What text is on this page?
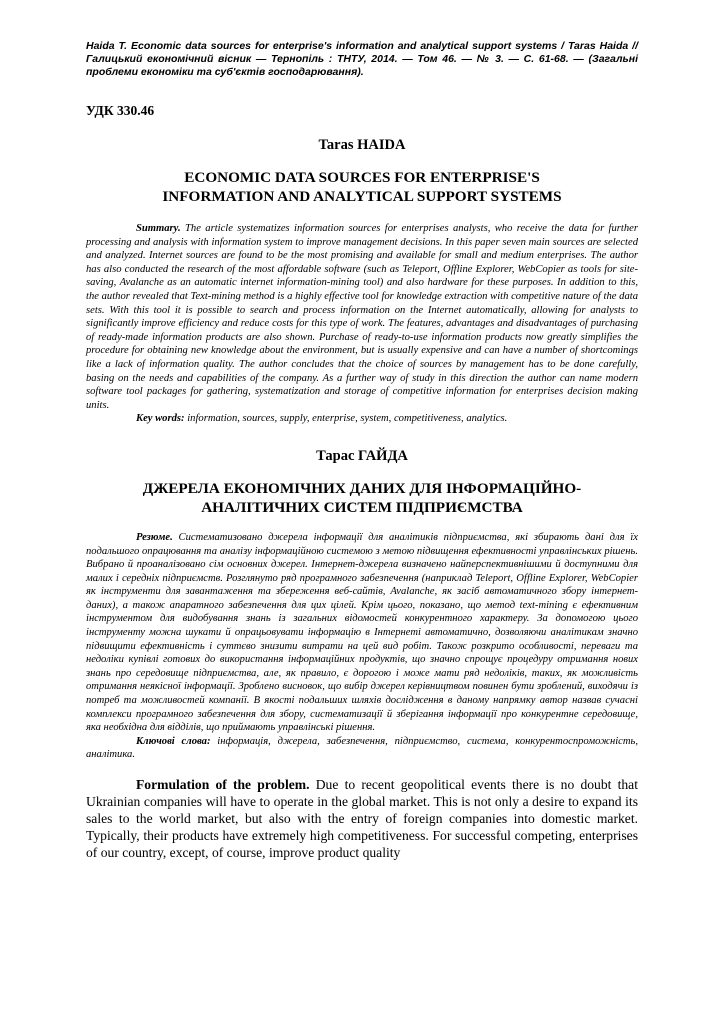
Haida T. Economic data sources for enterprise's information and analytical support systems / Taras Haida // Галицький економічний вісник — Тернопіль : ТНТУ, 2014. — Том 46. — № 3. — С. 61-68. — (Загальні проблеми економіки та суб'єктів господарювання).

УДК 330.46

Taras HAIDA

ECONOMIC DATA SOURCES FOR ENTERPRISE'S
INFORMATION AND ANALYTICAL SUPPORT SYSTEMS

Summary. The article systematizes information sources for enterprises analysts, who receive the data for further processing and analysis with information system to improve management decisions. In this paper seven main sources are selected and analyzed. Internet sources are found to be the most promising and available for small and medium enterprises. The author has also conducted the research of the most affordable software (such as Teleport, Offline Explorer, WebCopier as tools for site-saving, Avalanche as an automatic internet information-mining tool) and also hardware for these purposes. In addition to this, the author revealed that Text-mining method is a highly effective tool for knowledge extraction with competitive nature of the data sets. With this tool it is possible to search and process information on the Internet automatically, allowing for analysts to significantly improve efficiency and reduce costs for this type of work. The features, advantages and disadvantages of purchasing of ready-made information products are also shown. Purchase of ready-to-use information products now greatly simplifies the procedure for obtaining new knowledge about the environment, but is usually expensive and can have a number of shortcomings like a lack of information quality. The author concludes that the choice of sources by management has to be done carefully, basing on the needs and capabilities of the company. As a further way of study in this direction the author can name modern software tool packages for gathering, systematization and storage of competitive information for enterprises decision making units.

Key words: information, sources, supply, enterprise, system, competitiveness, analytics.

Тарас ГАЙДА

ДЖЕРЕЛА ЕКОНОМІЧНИХ ДАНИХ ДЛЯ ІНФОРМАЦІЙНО-
АНАЛІТИЧНИХ СИСТЕМ ПІДПРИЄМСТВА

Резюме. Систематизовано джерела інформації для аналітиків підприємства, які збирають дані для їх подальшого опрацювання та аналізу інформаційною системою з метою підвищення ефективності управлінських рішень. Вибрано й проаналізовано сім основних джерел. Інтернет-джерела визначено найперспективнішими й доступними для малих і середніх підприємств. Розглянуто ряд програмного забезпечення (наприклад Teleport, Offline Explorer, WebCopier як інструменти для завантаження та збереження веб-сайтів, Avalanche, як засіб автоматичного збору інтернет-даних), а також апаратного забезпечення для цих цілей. Крім цього, показано, що метод text-mining є ефективним інструментом для видобування знань із загальних відомостей конкурентного характеру. За допомогою цього інструменту можна шукати й опрацьовувати інформацію в Інтернеті автоматично, дозволяючи аналітикам значно підвищити ефективність і суттєво знизити витрати на цей вид робіт. Також розкрито особливості, переваги та недоліки купівлі готових до використання інформаційних продуктів, що значно спрощує процедуру отримання нових знань про середовище підприємства, але, як правило, є дорогою і може мати ряд недоліків, таких, як можливість отримання неякісної інформації. Зроблено висновок, що вибір джерел керівництвом повинен бути зроблений, виходячи із потреб та можливостей компанії. В якості подальших шляхів дослідження в даному напрямку автор назвав сучасні комплекси програмного забезпечення для збору, систематизації й зберігання інформації про конкурентне середовище, яка необхідна для відділів, що приймають управлінські рішення.

Ключові слова: інформація, джерела, забезпечення, підприємство, система, конкурентоспроможність, аналітика.

Formulation of the problem. Due to recent geopolitical events there is no doubt that Ukrainian companies will have to operate in the global market. This is not only a desire to expand its sales to the world market, but also with the entry of foreign companies into domestic market. Typically, their products have extremely high competitiveness. For successful competing, enterprises of our country, except, of course, improve product quality
